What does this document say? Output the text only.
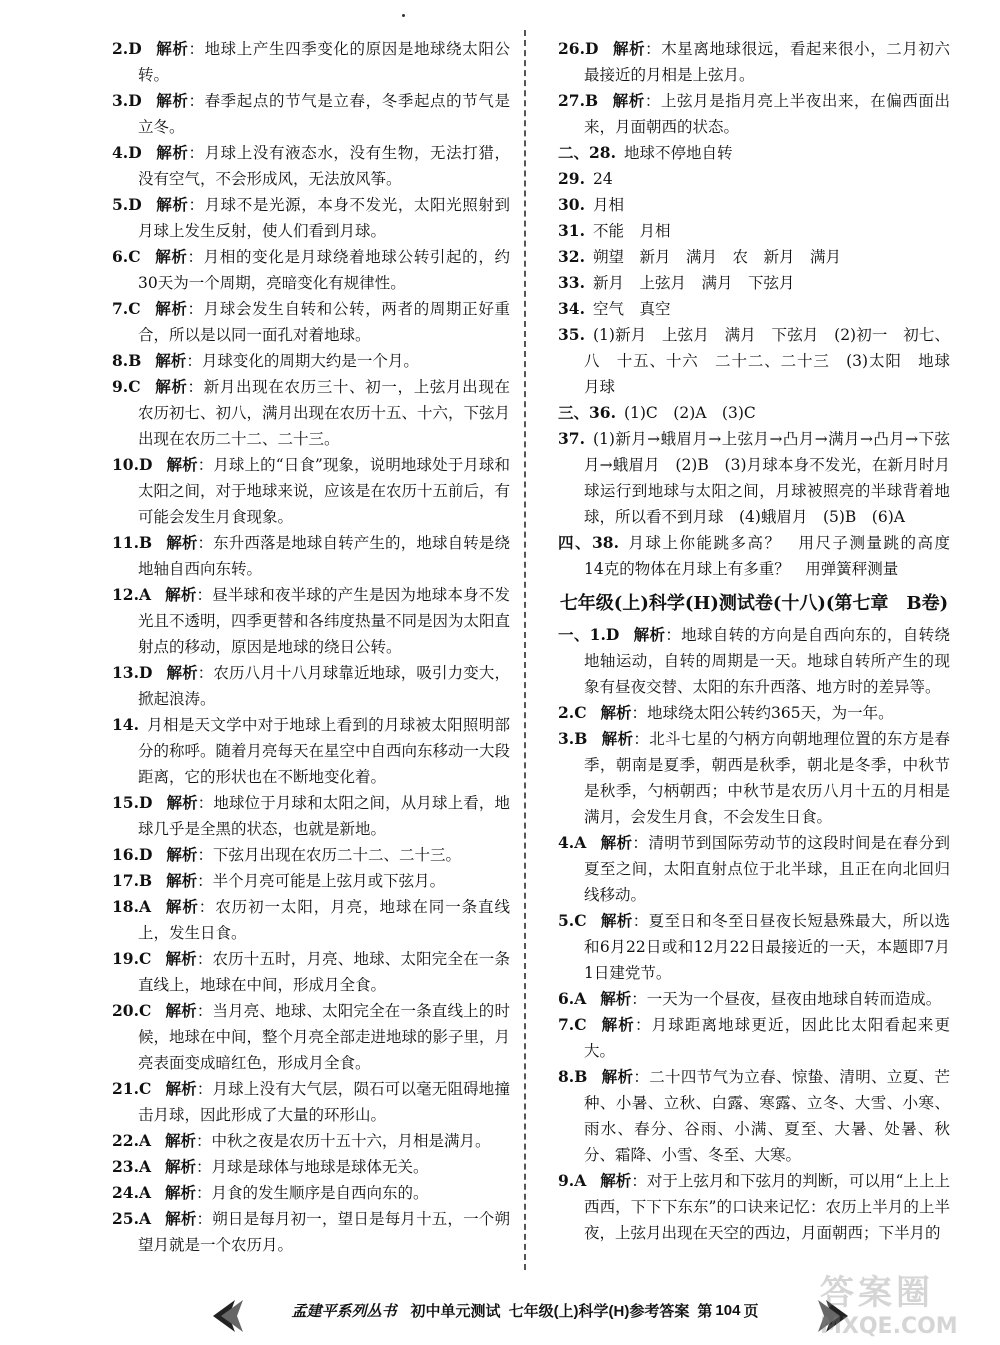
2.D 解析：地球上产生四季变化的原因是地球绕太阳公转。

3.D 解析：春季起点的节气是立春，冬季起点的节气是立冬。

4.D 解析：月球上没有液态水，没有生物，无法打猎，没有空气，不会形成风，无法放风筝。

5.D 解析：月球不是光源，本身不发光，太阳光照射到月球上发生反射，使人们看到月球。

6.C 解析：月相的变化是月球绕着地球公转引起的，约30天为一个周期，亮暗变化有规律性。

7.C 解析：月球会发生自转和公转，两者的周期正好重合，所以是以同一面孔对着地球。

8.B 解析：月球变化的周期大约是一个月。

9.C 解析：新月出现在农历三十、初一，上弦月出现在农历初七、初八，满月出现在农历十五、十六，下弦月出现在农历二十二、二十三。

10.D 解析：月球上的“日食”现象，说明地球处于月球和太阳之间，对于地球来说，应该是在农历十五前后，有可能会发生月食现象。

11.B 解析：东升西落是地球自转产生的，地球自转是绕地轴自西向东转。

12.A 解析：昼半球和夜半球的产生是因为地球本身不发光且不透明，四季更替和各纬度热量不同是因为太阳直射点的移动，原因是地球的绕日公转。

13.D 解析：农历八月十八月球靠近地球，吸引力变大，掀起浪涛。

14. 月相是天文学中对于地球上看到的月球被太阳照明部分的称呼。随着月亮每天在星空中自西向东移动一大段距离，它的形状也在不断地变化着。

15.D 解析：地球位于月球和太阳之间，从月球上看，地球几乎是全黑的状态，也就是新地。

16.D 解析：下弦月出现在农历二十二、二十三。

17.B 解析：半个月亮可能是上弦月或下弦月。

18.A 解析：农历初一太阳，月亮，地球在同一条直线上，发生日食。

19.C 解析：农历十五时，月亮、地球、太阳完全在一条直线上，地球在中间，形成月全食。

20.C 解析：当月亮、地球、太阳完全在一条直线上的时候，地球在中间，整个月亮全部走进地球的影子里，月亮表面变成暗红色，形成月全食。

21.C 解析：月球上没有大气层，陨石可以毫无阻碍地撞击月球，因此形成了大量的环形山。

22.A 解析：中秋之夜是农历十五十六，月相是满月。

23.A 解析：月球是球体与地球是球体无关。

24.A 解析：月食的发生顺序是自西向东的。

25.A 解析：朔日是每月初一，望日是每月十五，一个朔望月就是一个农历月。

26.D 解析：木星离地球很远，看起来很小，二月初六最接近的月相是上弦月。

27.B 解析：上弦月是指月亮上半夜出来，在偏西面出来，月面朝西的状态。

二、28. 地球不停地自转

29. 24

30. 月相

31. 不能　月相

32. 朔望　新月　满月　农　新月　满月

33. 新月　上弦月　满月　下弦月

34. 空气　真空

35. (1)新月　上弦月　满月　下弦月　(2)初一　初七、八　十五、十六　二十二、二十三　(3)太阳　地球　月球

三、36. (1)C　(2)A　(3)C

37. (1)新月→蛾眉月→上弦月→凸月→满月→凸月→下弦月→蛾眉月　(2)B　(3)月球本身不发光，在新月时月球运行到地球与太阳之间，月球被照亮的半球背着地球，所以看不到月球　(4)蛾眉月　(5)B　(6)A

四、38. 月球上你能跳多高？　用尺子测量跳的高度　14克的物体在月球上有多重？　用弹簧秤测量

七年级(上)科学(H)测试卷(十八)(第七章　B卷)

一、1.D 解析：地球自转的方向是自西向东的，自转绕地轴运动，自转的周期是一天。地球自转所产生的现象有昼夜交替、太阳的东升西落、地方时的差异等。

2.C 解析：地球绕太阳公转约365天，为一年。

3.B 解析：北斗七星的勺柄方向朝地理位置的东方是春季，朝南是夏季，朝西是秋季，朝北是冬季，中秋节是秋季，勺柄朝西；中秋节是农历八月十五的月相是满月，会发生月食，不会发生日食。

4.A 解析：清明节到国际劳动节的这段时间是在春分到夏至之间，太阳直射点位于北半球，且正在向北回归线移动。

5.C 解析：夏至日和冬至日昼夜长短悬殊最大，所以选和6月22日或和12月22日最接近的一天，本题即7月1日建党节。

6.A 解析：一天为一个昼夜，昼夜由地球自转而造成。

7.C 解析：月球距离地球更近，因此比太阳看起来更大。

8.B 解析：二十四节气为立春、惊蛰、清明、立夏、芒种、小暑、立秋、白露、寒露、立冬、大雪、小寒、雨水、春分、谷雨、小满、夏至、大暑、处暑、秋分、霜降、小雪、冬至、大寒。

9.A 解析：对于上弦月和下弦月的判断，可以用“上上上西西，下下下东东”的口诀来记忆：农历上半月的上半夜，上弦月出现在天空的西边，月面朝西；下半月的

孟建平系列丛书 初中单元测试 七年级(上)科学(H)参考答案 第 104 页 答案圈
MXQE.COM
